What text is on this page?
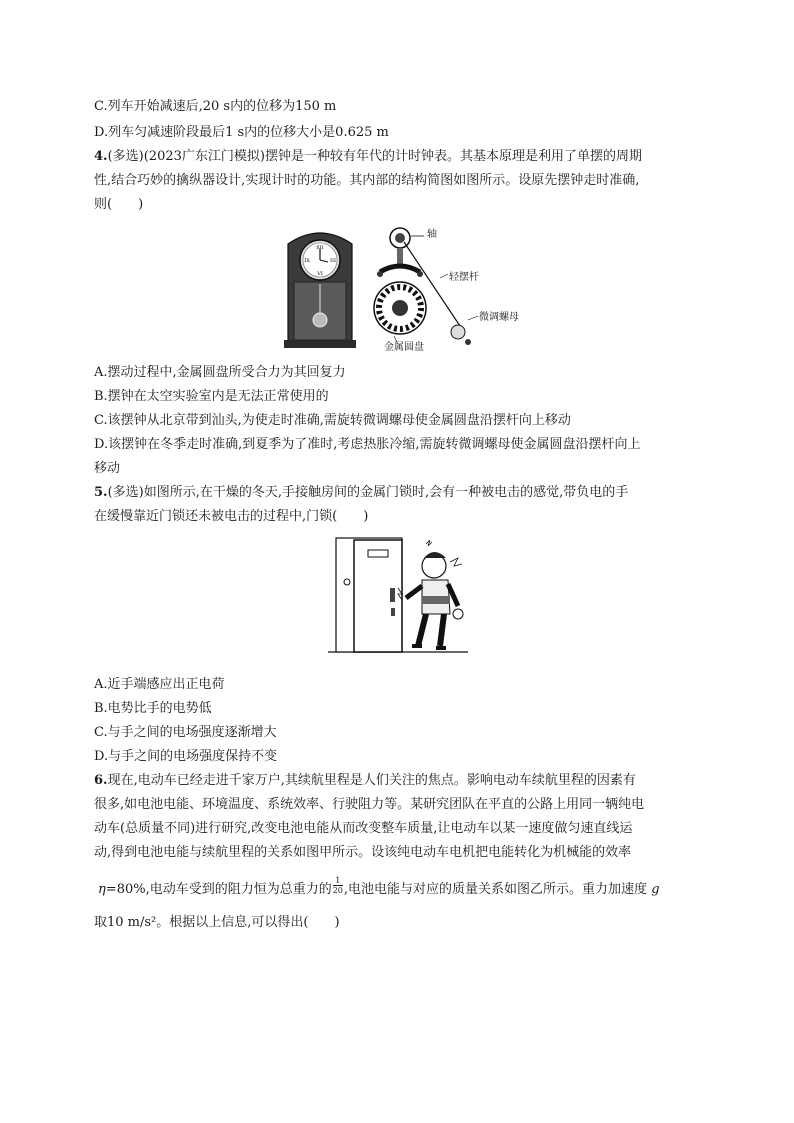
C.列车开始减速后,20 s内的位移为150 m
D.列车匀减速阶段最后1 s内的位移大小是0.625 m
4.(多选)(2023广东江门模拟)摆钟是一种较有年代的计时钟表。其基本原理是利用了单摆的周期
性,结合巧妙的擒纵器设计,实现计时的功能。其内部的结构简图如图所示。设原先摆钟走时准确,
则(　　)
XII
III
VI
IX
轴
轻摆杆
微调螺母
金属圆盘
A.摆动过程中,金属圆盘所受合力为其回复力
B.摆钟在太空实验室内是无法正常使用的
C.该摆钟从北京带到汕头,为使走时准确,需旋转微调螺母使金属圆盘沿摆杆向上移动
D.该摆钟在冬季走时准确,到夏季为了准时,考虑热胀冷缩,需旋转微调螺母使金属圆盘沿摆杆向上
移动
5.(多选)如图所示,在干燥的冬天,手接触房间的金属门锁时,会有一种被电击的感觉,带负电的手
在缓慢靠近门锁还未被电击的过程中,门锁(　　)
A.近手端感应出正电荷
B.电势比手的电势低
C.与手之间的电场强度逐渐增大
D.与手之间的电场强度保持不变
6.现在,电动车已经走进千家万户,其续航里程是人们关注的焦点。影响电动车续航里程的因素有
很多,如电池电能、环境温度、系统效率、行驶阻力等。某研究团队在平直的公路上用同一辆纯电
动车(总质量不同)进行研究,改变电池电能从而改变整车质量,让电动车以某一速度做匀速直线运
动,得到电池电能与续航里程的关系如图甲所示。设该纯电动车电机把电能转化为机械能的效率
η=80%,电动车受到的阻力恒为总重力的 $\frac{1}{20}$ ,电池电能与对应的质量关系如图乙所示。重力加速度 g
取10 m/s²。根据以上信息,可以得出(　　)
